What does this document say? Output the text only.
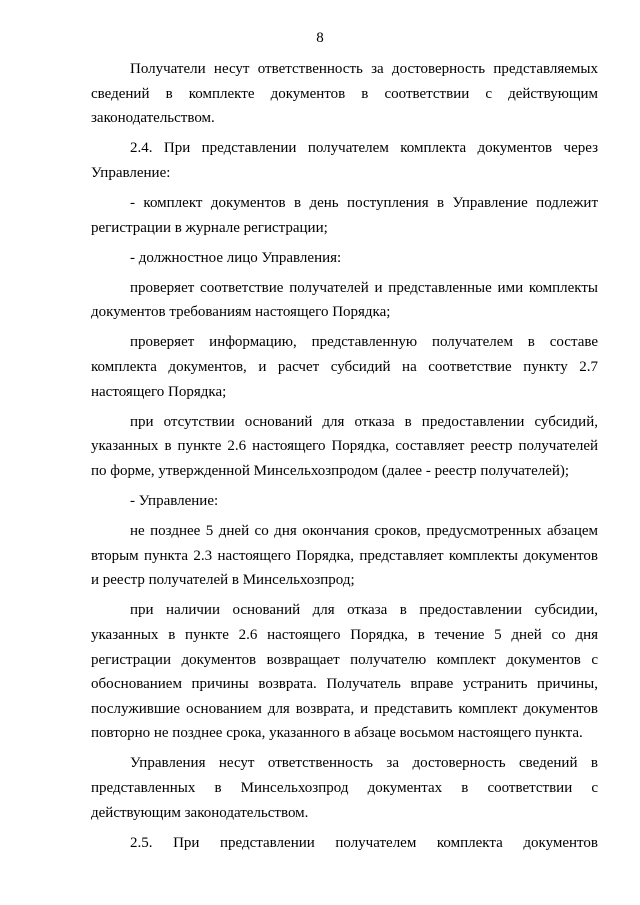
8

Получатели несут ответственность за достоверность представляемых сведений в комплекте документов в соответствии с действующим законодательством.

2.4. При представлении получателем комплекта документов через Управление:

- комплект документов в день поступления в Управление подлежит регистрации в журнале регистрации;

- должностное лицо Управления:

проверяет соответствие получателей и представленные ими комплекты документов требованиям настоящего Порядка;

проверяет информацию, представленную получателем в составе комплекта документов, и расчет субсидий на соответствие пункту 2.7 настоящего Порядка;

при отсутствии оснований для отказа в предоставлении субсидий, указанных в пункте 2.6 настоящего Порядка, составляет реестр получателей по форме, утвержденной Минсельхозпродом (далее - реестр получателей);

- Управление:

не позднее 5 дней со дня окончания сроков, предусмотренных абзацем вторым пункта 2.3 настоящего Порядка, представляет комплекты документов и реестр получателей в Минсельхозпрод;

при наличии оснований для отказа в предоставлении субсидии, указанных в пункте 2.6 настоящего Порядка, в течение 5 дней со дня регистрации документов возвращает получателю комплект документов с обоснованием причины возврата. Получатель вправе устранить причины, послужившие основанием для возврата, и представить комплект документов повторно не позднее срока, указанного в абзаце восьмом настоящего пункта.

Управления несут ответственность за достоверность сведений в представленных в Минсельхозпрод документах в соответствии с действующим законодательством.

2.5. При представлении получателем комплекта документов
